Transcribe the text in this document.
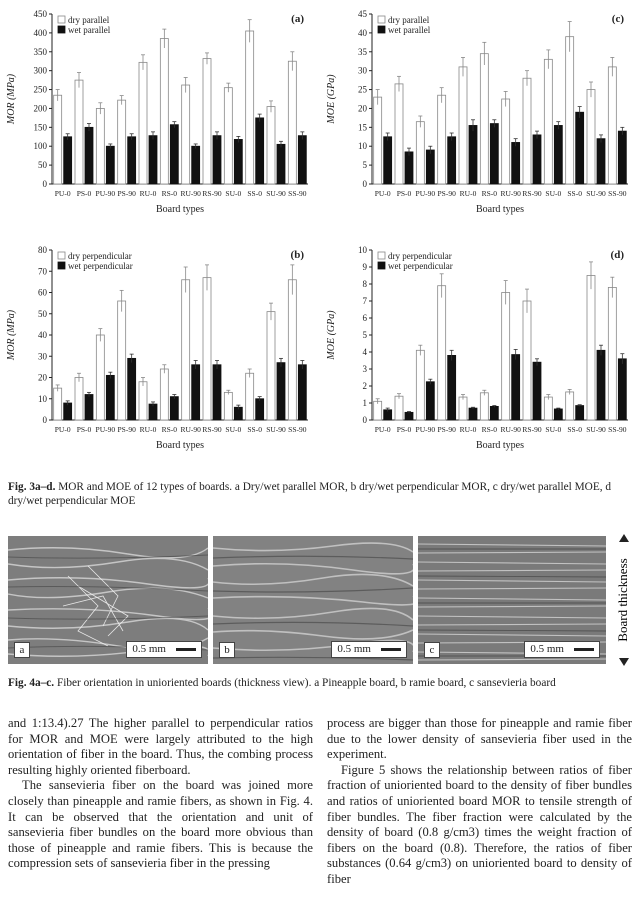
0
50
100
150
200
250
300
350
400
450
MOR (MPa)
PU-0 PS-0 PU-90 PS-90 RU-0 RS-0 RU-90 RS-90 SU-0 SS-0 SU-90 SS-90
Board types
(a)
dry parallel
wet parallel
0
5
10
15
20
25
30
35
40
45
MOE (GPa)
PU-0 PS-0 PU-90 PS-90 RU-0 RS-0 RU-90 RS-90 SU-0 SS-0 SU-90 SS-90
Board types
(c)
dry parallel
wet parallel
0
10
20
30
40
50
60
70
80
MOR (MPa)
PU-0 PS-0 PU-90 PS-90 RU-0 RS-0 RU-90 RS-90 SU-0 SS-0 SU-90 SS-90
Board types
(b)
dry perpendicular
wet perpendicular
0
1
2
3
4
5
6
7
8
9
10
MOE (GPa)
PU-0 PS-0 PU-90 PS-90 RU-0 RS-0 RU-90 RS-90 SU-0 SS-0 SU-90 SS-90
Board types
(d)
dry perpendicular
wet perpendicular
Fig. 3a–d. MOR and MOE of 12 types of boards. a Dry/wet parallel MOR, b dry/wet perpendicular MOR, c dry/wet parallel MOE, d dry/wet perpendicular MOE
a	0.5 mm	b	0.5 mm	c	0.5 mm
Board thickness
Fig. 4a–c. Fiber orientation in unioriented boards (thickness view). a Pineapple board, b ramie board, c sansevieria board

and 1:13.4).27 The higher parallel to perpendicular ratios for MOR and MOE were largely attributed to the high orientation of fiber in the board. Thus, the combing process resulting highly oriented fiberboard.

The sansevieria fiber on the board was joined more closely than pineapple and ramie fibers, as shown in Fig. 4. It can be observed that the orientation and unit of sansevieria fiber bundles on the board more obvious than those of pineapple and ramie fibers. This is because the compression sets of sansevieria fiber in the pressing

process are bigger than those for pineapple and ramie fiber due to the lower density of sansevieria fiber used in the experiment.

Figure 5 shows the relationship between ratios of fiber fraction of unioriented board to the density of fiber bundles and ratios of unioriented board MOR to tensile strength of fiber bundles. The fiber fraction were calculated by the density of board (0.8 g/cm3) times the weight fraction of fibers on the board (0.8). Therefore, the ratios of fiber substances (0.64 g/cm3) on unioriented board to density of fiber
